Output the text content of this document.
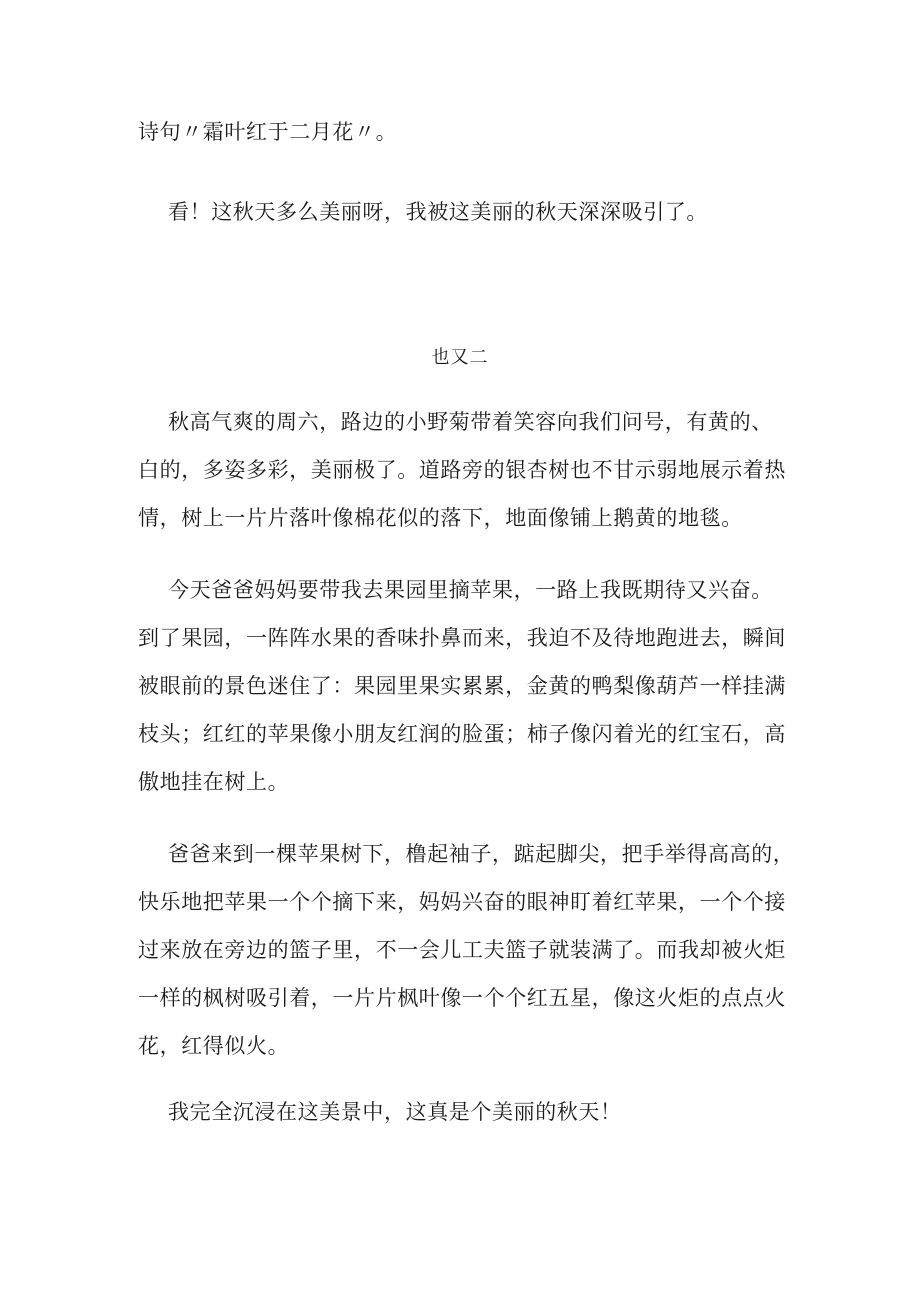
诗句〃霜叶红于二月花〃。
看！这秋天多么美丽呀，我被这美丽的秋天深深吸引了。
也又二
秋高气爽的周六，路边的小野菊带着笑容向我们问号，有黄的、
白的，多姿多彩，美丽极了。道路旁的银杏树也不甘示弱地展示着热
情，树上一片片落叶像棉花似的落下，地面像铺上鹅黄的地毯。
今天爸爸妈妈要带我去果园里摘苹果，一路上我既期待又兴奋。
到了果园，一阵阵水果的香味扑鼻而来，我迫不及待地跑进去，瞬间
被眼前的景色迷住了：果园里果实累累，金黄的鸭梨像葫芦一样挂满
枝头；红红的苹果像小朋友红润的脸蛋；柿子像闪着光的红宝石，高
傲地挂在树上。
爸爸来到一棵苹果树下，橹起袖子，踮起脚尖，把手举得高高的，
快乐地把苹果一个个摘下来，妈妈兴奋的眼神盯着红苹果，一个个接
过来放在旁边的篮子里，不一会儿工夫篮子就装满了。而我却被火炬
一样的枫树吸引着，一片片枫叶像一个个红五星，像这火炬的点点火
花，红得似火。
我完全沉浸在这美景中，这真是个美丽的秋天！
